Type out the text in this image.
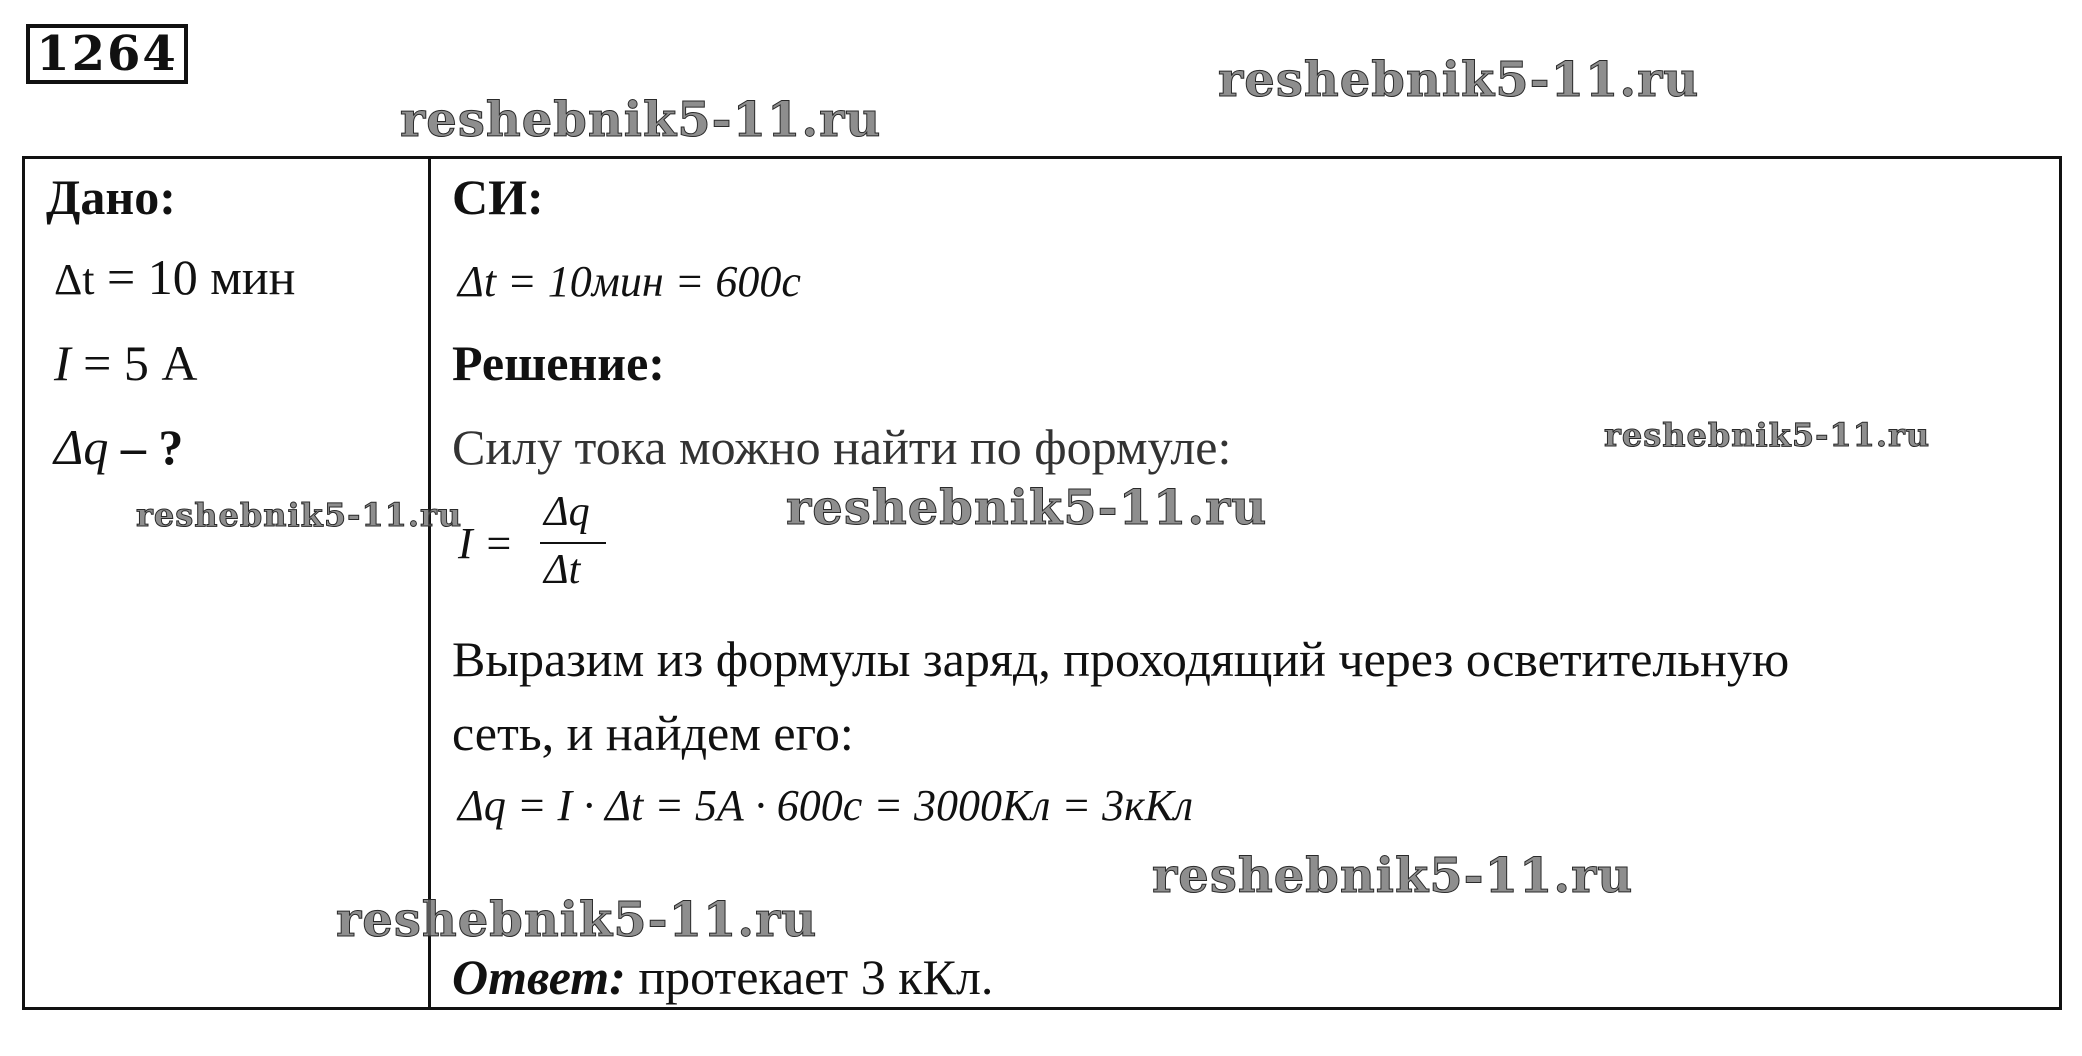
1264
Дано:
Δt = 10 мин
I = 5 А
Δq – ?
СИ:
Δt = 10мин = 600с
Решение:
Силу тока можно найти по формуле:
I =
Δq
Δt
Выразим из формулы заряд, проходящий через осветительную
сеть, и найдем его:
Δq = I · Δt = 5А · 600с = 3000Кл = 3кКл
Ответ: протекает 3 кКл.
reshebnik5-11.ru
reshebnik5-11.ru
reshebnik5-11.ru
reshebnik5-11.ru	reshebnik5-11.ru
reshebnik5-11.ru
reshebnik5-11.ru
